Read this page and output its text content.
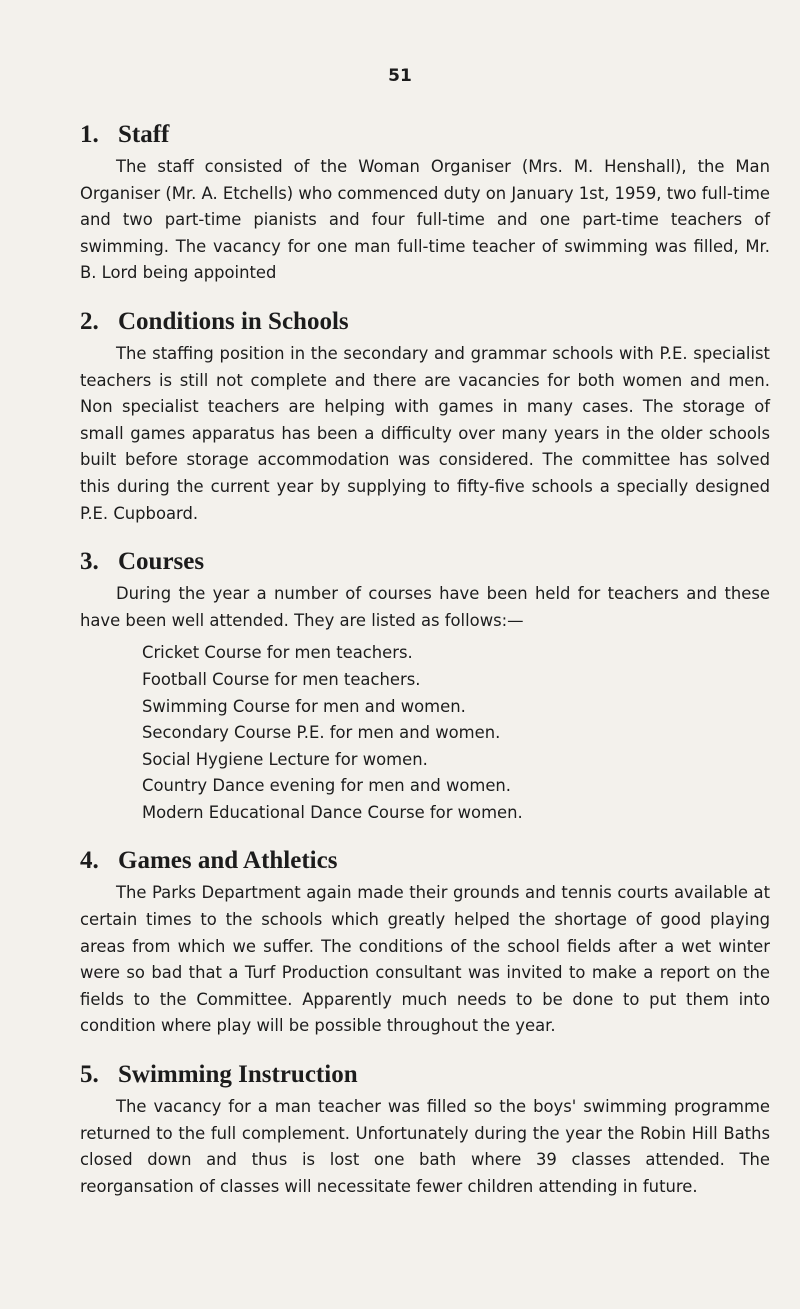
51
1. Staff

The staff consisted of the Woman Organiser (Mrs. M. Henshall), the Man Organiser (Mr. A. Etchells) who commenced duty on January 1st, 1959, two full-time and two part-time pianists and four full-time and one part-time teachers of swimming. The vacancy for one man full-time teacher of swimming was filled, Mr. B. Lord being appointed

2. Conditions in Schools

The staffing position in the secondary and grammar schools with P.E. specialist teachers is still not complete and there are vacancies for both women and men. Non specialist teachers are helping with games in many cases. The storage of small games apparatus has been a difficulty over many years in the older schools built before storage accommodation was considered. The committee has solved this during the current year by supplying to fifty-five schools a specially designed P.E. Cupboard.

3. Courses

During the year a number of courses have been held for teachers and these have been well attended. They are listed as follows:—

Cricket Course for men teachers.
Football Course for men teachers.
Swimming Course for men and women.
Secondary Course P.E. for men and women.
Social Hygiene Lecture for women.
Country Dance evening for men and women.
Modern Educational Dance Course for women.
4. Games and Athletics

The Parks Department again made their grounds and tennis courts available at certain times to the schools which greatly helped the shortage of good playing areas from which we suffer. The conditions of the school fields after a wet winter were so bad that a Turf Production consultant was invited to make a report on the fields to the Committee. Apparently much needs to be done to put them into condition where play will be possible throughout the year.

5. Swimming Instruction

The vacancy for a man teacher was filled so the boys' swimming programme returned to the full complement. Unfortunately during the year the Robin Hill Baths closed down and thus is lost one bath where 39 classes attended. The reorgansation of classes will necessitate fewer children attending in future.
